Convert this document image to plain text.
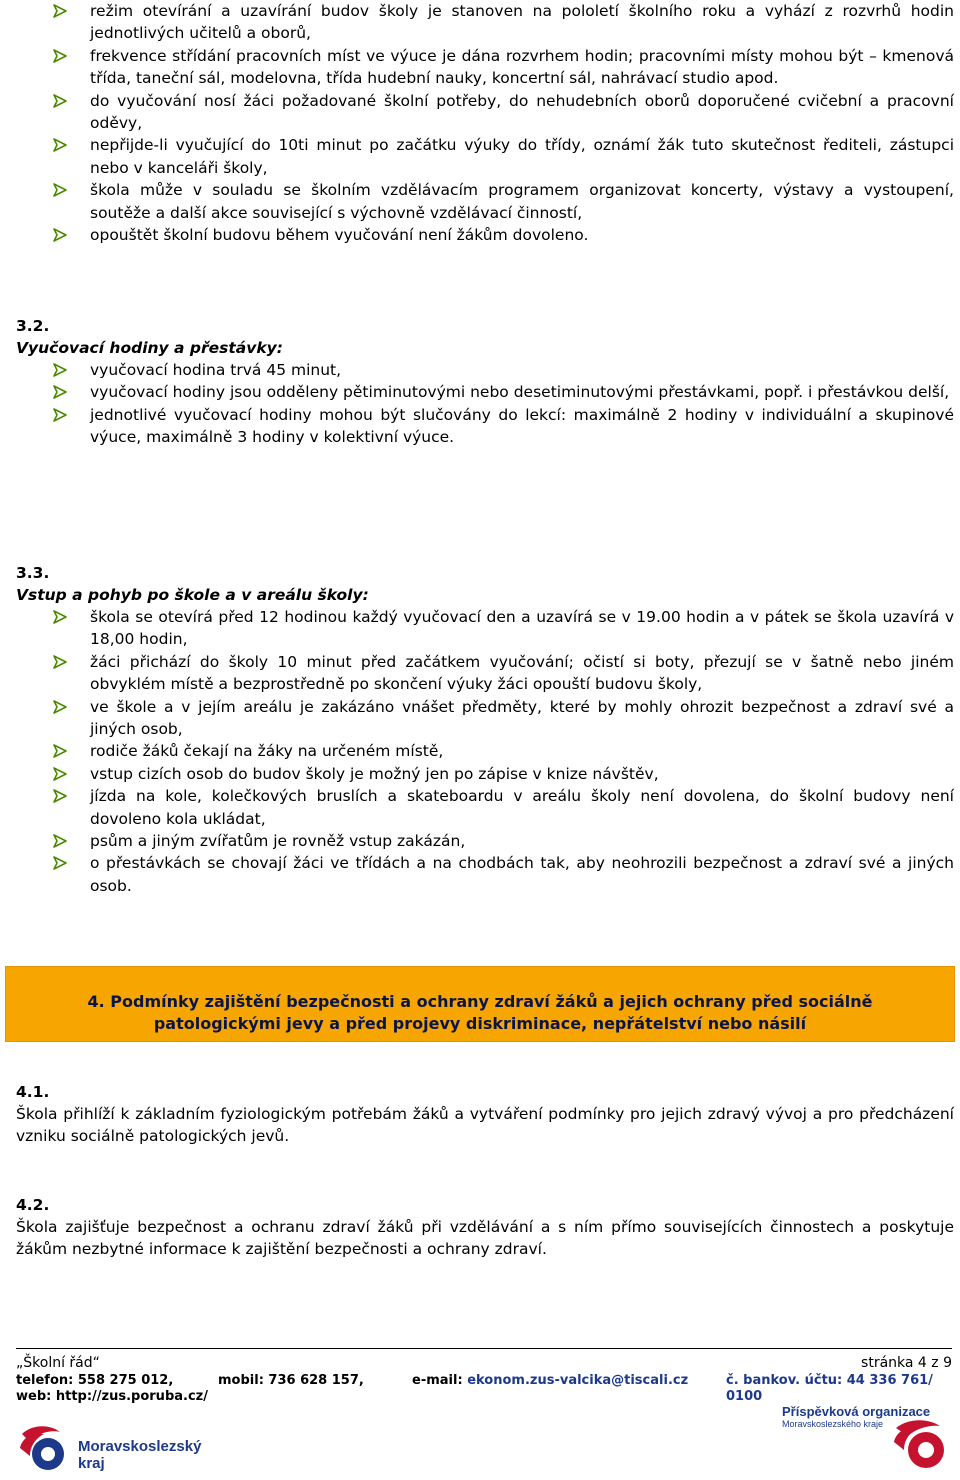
režim otevírání a uzavírání budov školy je stanoven na pololetí školního roku a vyhází z rozvrhů hodin jednotlivých učitelů a oborů,
frekvence střídání pracovních míst ve výuce je dána rozvrhem hodin; pracovními místy mohou být – kmenová třída, taneční sál, modelovna, třída hudební nauky, koncertní sál, nahrávací studio apod.
do vyučování nosí žáci požadované školní potřeby, do nehudebních oborů doporučené cvičební a pracovní oděvy,
nepřijde-li vyučující do 10ti minut po začátku výuky do třídy, oznámí žák tuto skutečnost řediteli, zástupci nebo v kanceláři školy,
škola může v souladu se školním vzdělávacím programem organizovat koncerty, výstavy a vystoupení, soutěže a další akce související s výchovně vzdělávací činností,
opouštět školní budovu během vyučování není žákům dovoleno.
3.2.
Vyučovací hodiny a přestávky:
vyučovací hodina trvá 45 minut,
vyučovací hodiny jsou odděleny pětiminutovými nebo desetiminutovými přestávkami, popř. i přestávkou delší,
jednotlivé vyučovací hodiny mohou být slučovány do lekcí: maximálně 2 hodiny v individuální a skupinové výuce, maximálně 3 hodiny v kolektivní výuce.
3.3.
Vstup a pohyb po škole a v areálu školy:
škola se otevírá před 12 hodinou každý vyučovací den a uzavírá se v 19.00 hodin a v pátek se škola uzavírá v 18,00 hodin,
žáci přichází do školy 10 minut před začátkem vyučování; očistí si boty, přezují se v šatně nebo jiném obvyklém místě a bezprostředně po skončení výuky žáci opouští budovu školy,
ve škole a v jejím areálu je zakázáno vnášet předměty, které by mohly ohrozit bezpečnost a zdraví své a jiných osob,
rodiče žáků čekají na žáky na určeném místě,
vstup cizích osob do budov školy je možný jen po zápise v knize návštěv,
jízda na kole, kolečkových bruslích a skateboardu v areálu školy není dovolena, do školní budovy není dovoleno kola ukládat,
psům a jiným zvířatům je rovněž vstup zakázán,
o přestávkách se chovají žáci ve třídách a na chodbách tak, aby neohrozili bezpečnost a zdraví své a jiných osob.
4. Podmínky zajištění bezpečnosti a ochrany zdraví žáků a jejich ochrany před sociálně
patologickými jevy a před projevy diskriminace, nepřátelství nebo násilí
4.1.
Škola přihlíží k základním fyziologickým potřebám žáků a vytváření podmínky pro jejich zdravý vývoj a pro předcházení vzniku sociálně patologických jevů.
4.2.
Škola zajišťuje bezpečnost a ochranu zdraví žáků při vzdělávání a s ním přímo souvisejících činnostech a poskytuje žákům nezbytné informace k zajištění bezpečnosti a ochrany zdraví.
„Školní řád“	stránka 4 z 9
telefon: 558 275 012,	mobil: 736 628 157,	e-mail: ekonom.zus-valcika@tiscali.cz	č. bankov. účtu: 44 336 761/ 0100
web: http://zus.poruba.cz/
Moravskoslezský
kraj
Příspěvková organizace
Moravskoslezského kraje
